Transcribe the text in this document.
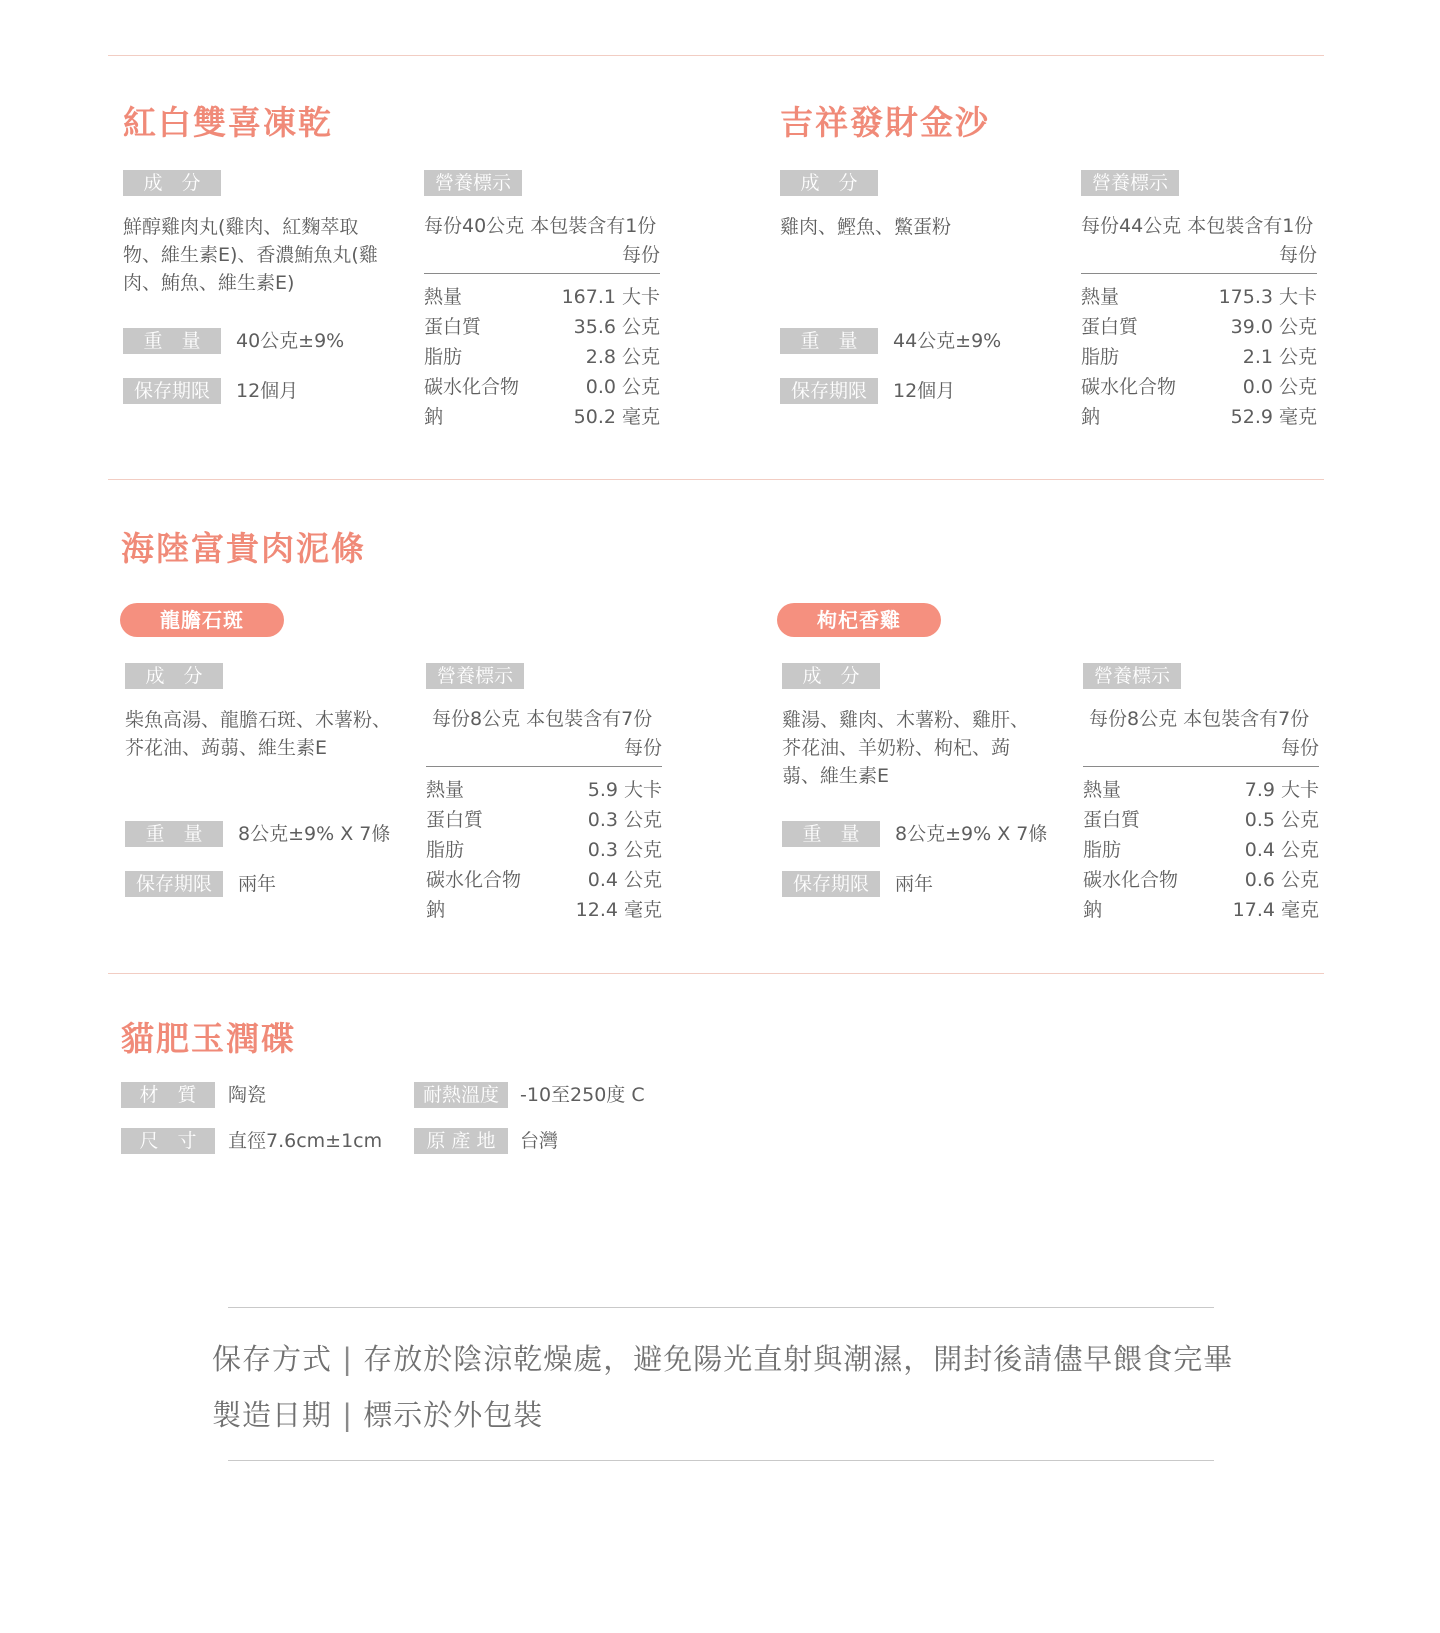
紅白雙喜凍乾
成　分
鮮醇雞肉丸(雞肉、紅麴萃取物、維生素E)、香濃鮪魚丸(雞肉、鮪魚、維生素E)
重　量	40公克±9%
保存期限	12個月
營養標示
每份40公克 本包裝含有1份
每份
熱量	167.1 大卡
蛋白質	35.6 公克
脂肪	2.8 公克
碳水化合物	0.0 公克
鈉	50.2 毫克
吉祥發財金沙
成　分
雞肉、鰹魚、鱉蛋粉
重　量	44公克±9%
保存期限	12個月
營養標示
每份44公克 本包裝含有1份
每份
熱量	175.3 大卡
蛋白質	39.0 公克
脂肪	2.1 公克
碳水化合物	0.0 公克
鈉	52.9 毫克
海陸富貴肉泥條
龍膽石斑
成　分
柴魚高湯、龍膽石斑、木薯粉、芥花油、蒟蒻、維生素E
重　量	8公克±9% X 7條
保存期限	兩年
營養標示
每份8公克 本包裝含有7份
每份
熱量	5.9 大卡
蛋白質	0.3 公克
脂肪	0.3 公克
碳水化合物	0.4 公克
鈉	12.4 毫克
枸杞香雞
成　分
雞湯、雞肉、木薯粉、雞肝、芥花油、羊奶粉、枸杞、蒟蒻、維生素E
重　量	8公克±9% X 7條
保存期限	兩年
營養標示
每份8公克 本包裝含有7份
每份
熱量	7.9 大卡
蛋白質	0.5 公克
脂肪	0.4 公克
碳水化合物	0.6 公克
鈉	17.4 毫克
貓肥玉潤碟
材　質	陶瓷	耐熱溫度	-10至250度 C
尺　寸	直徑7.6cm±1cm	原 產 地	台灣
保存方式 | 存放於陰涼乾燥處，避免陽光直射與潮濕，開封後請儘早餵食完畢
製造日期 | 標示於外包裝
